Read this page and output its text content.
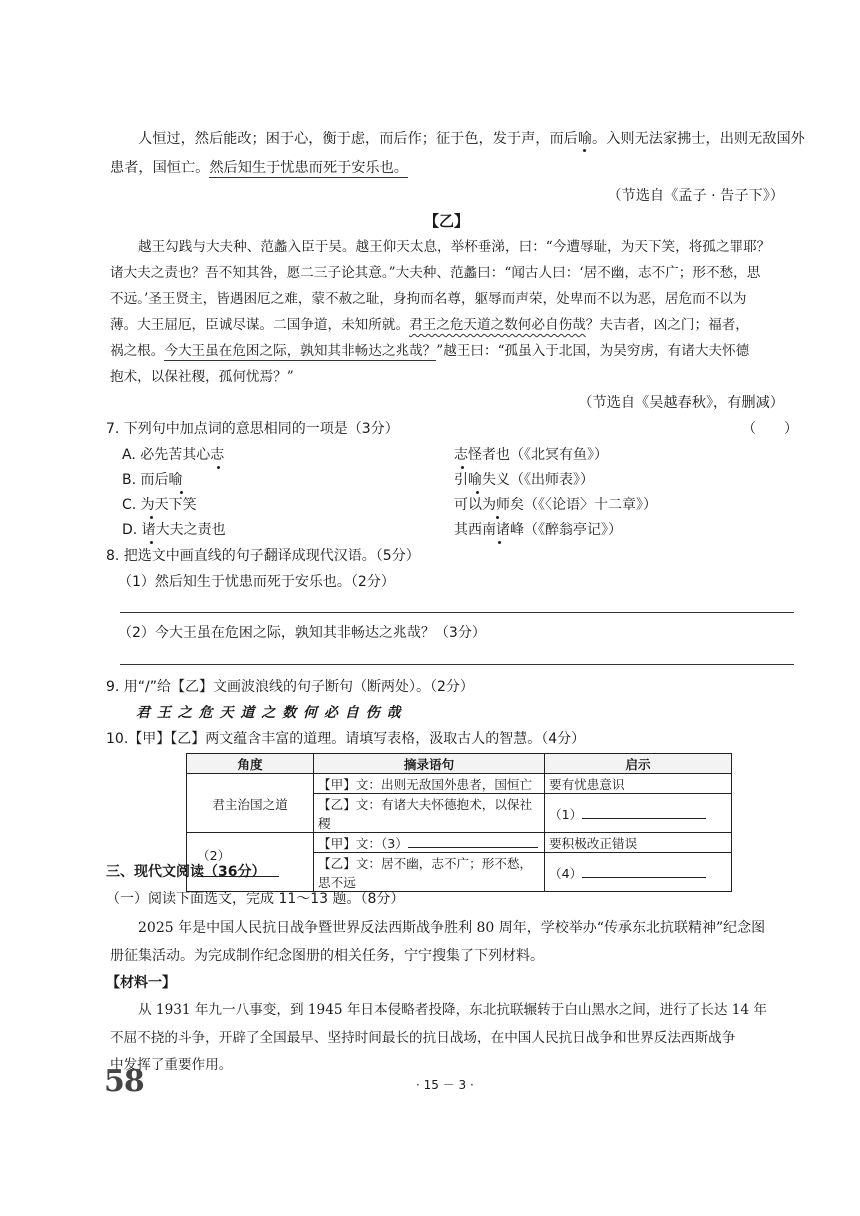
人恒过，然后能改；困于心，衡于虑，而后作；征于色，发于声，而后喻。入则无法家拂士，出则无敌国外
患者，国恒亡。然后知生于忧患而死于安乐也。
（节选自《孟子 · 告子下》）
【乙】
越王勾践与大夫种、范蠡入臣于吴。越王仰天太息，举杯垂涕，曰：“今遭辱耻，为天下笑，将孤之罪耶？
诸大夫之责也？吾不知其咎，愿二三子论其意。”大夫种、范蠡曰：“闻古人曰：‘居不幽，志不广；形不愁，思
不远。’圣王贤主，皆遇困厄之难，蒙不赦之耻，身拘而名尊，躯辱而声荣，处卑而不以为恶，居危而不以为
薄。大王屈厄，臣诚尽谋。二国争道，未知所就。君王之危天道之数何必自伤哉？夫吉者，凶之门；福者，
祸之根。今大王虽在危困之际，孰知其非畅达之兆哉？”越王曰：“孤虽入于北国，为吴穷虏，有诸大夫怀德
抱术，以保社稷，孤何忧焉？”
（节选自《吴越春秋》，有删减）
7. 下列句中加点词的意思相同的一项是（3分）	（　　）
A. 必先苦其心志	志怪者也（《北冥有鱼》）
B. 而后喻	引喻失义（《出师表》）
C. 为天下笑	可以为师矣（《〈论语〉十二章》）
D. 诸大夫之责也	其西南诸峰（《醉翁亭记》）
8. 把选文中画直线的句子翻译成现代汉语。（5分）
（1）然后知生于忧患而死于安乐也。（2分）
（2）今大王虽在危困之际，孰知其非畅达之兆哉？（3分）
9. 用“/”给【乙】文画波浪线的句子断句（断两处）。（2分）
君 王 之 危 天 道 之 数 何 必 自 伤 哉
10.【甲】【乙】两文蕴含丰富的道理。请填写表格，汲取古人的智慧。（4分）
角度	摘录语句	启示
君主治国之道	【甲】文：出则无敌国外患者，国恒亡	要有忧患意识
	【乙】文：有诸大夫怀德抱术，以保社稷	（1）
（2）	【甲】文：（3）	要积极改正错误
	【乙】文：居不幽，志不广；形不愁，思不远	（4）
三、现代文阅读（36分）
（一）阅读下面选文，完成 11～13 题。（8分）
2025 年是中国人民抗日战争暨世界反法西斯战争胜利 80 周年，学校举办“传承东北抗联精神”纪念图
册征集活动。为完成制作纪念图册的相关任务，宁宁搜集了下列材料。
【材料一】
从 1931 年九一八事变，到 1945 年日本侵略者投降，东北抗联辗转于白山黑水之间，进行了长达 14 年
不屈不挠的斗争，开辟了全国最早、坚持时间最长的抗日战场，在中国人民抗日战争和世界反法西斯战争
中发挥了重要作用。
58	· 15 － 3 ·
